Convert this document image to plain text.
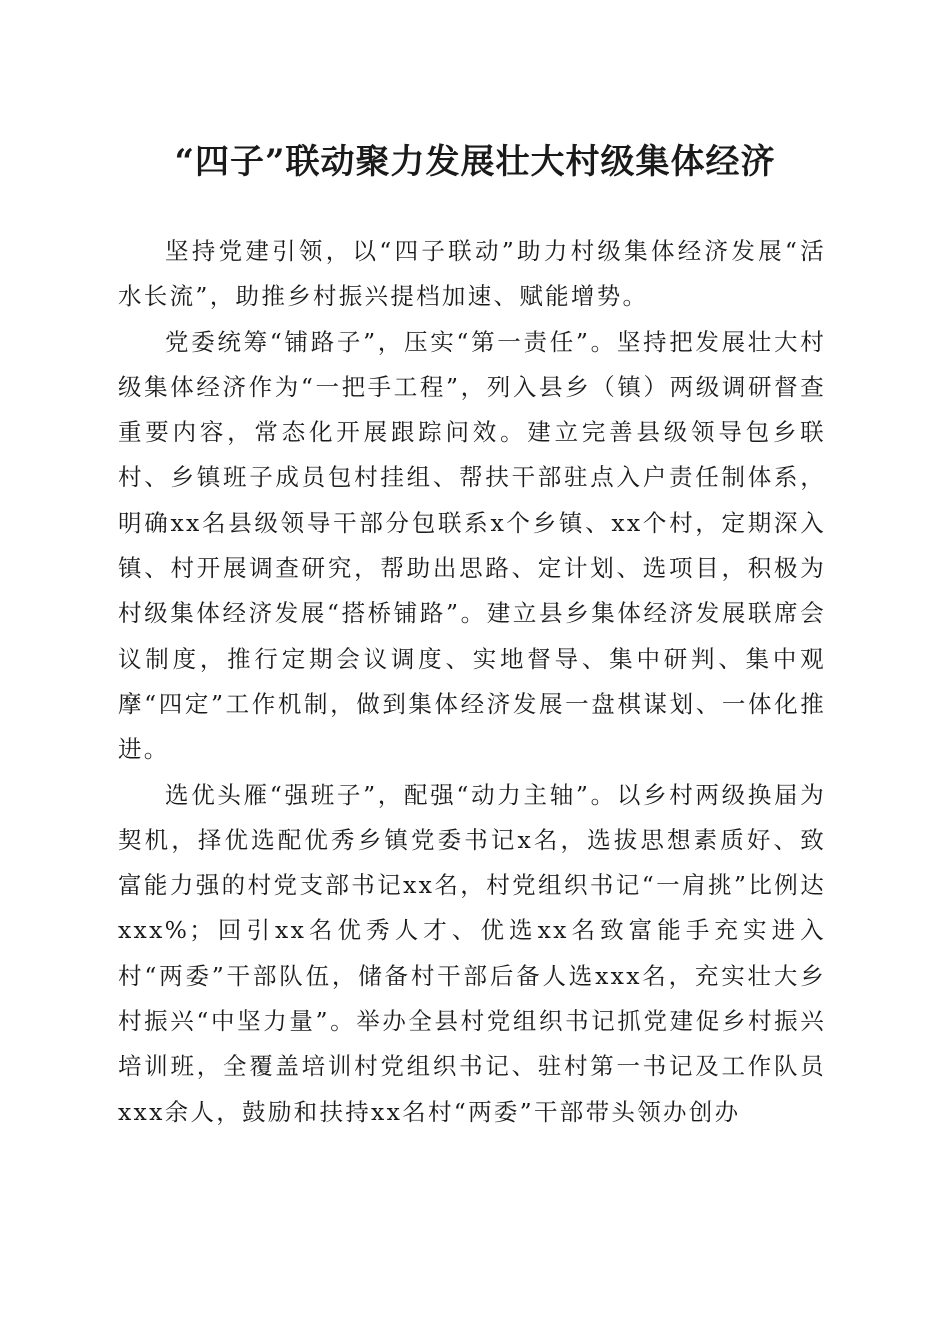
“四子”联动聚力发展壮大村级集体经济

坚持党建引领，以“四子联动”助力村级集体经济发展“活水长流”，助推乡村振兴提档加速、赋能增势。

党委统筹“铺路子”，压实“第一责任”。坚持把发展壮大村级集体经济作为“一把手工程”，列入县乡（镇）两级调研督查重要内容，常态化开展跟踪问效。建立完善县级领导包乡联村、乡镇班子成员包村挂组、帮扶干部驻点入户责任制体系，明确xx名县级领导干部分包联系x个乡镇、xx个村，定期深入镇、村开展调查研究，帮助出思路、定计划、选项目，积极为村级集体经济发展“搭桥铺路”。建立县乡集体经济发展联席会议制度，推行定期会议调度、实地督导、集中研判、集中观摩“四定”工作机制，做到集体经济发展一盘棋谋划、一体化推进。

选优头雁“强班子”，配强“动力主轴”。以乡村两级换届为契机，择优选配优秀乡镇党委书记x名，选拔思想素质好、致富能力强的村党支部书记xx名，村党组织书记“一肩挑”比例达xxx%；回引xx名优秀人才、优选xx名致富能手充实进入村“两委”干部队伍，储备村干部后备人选xxx名，充实壮大乡村振兴“中坚力量”。举办全县村党组织书记抓党建促乡村振兴培训班，全覆盖培训村党组织书记、驻村第一书记及工作队员xxx余人，鼓励和扶持xx名村“两委”干部带头领办创办
